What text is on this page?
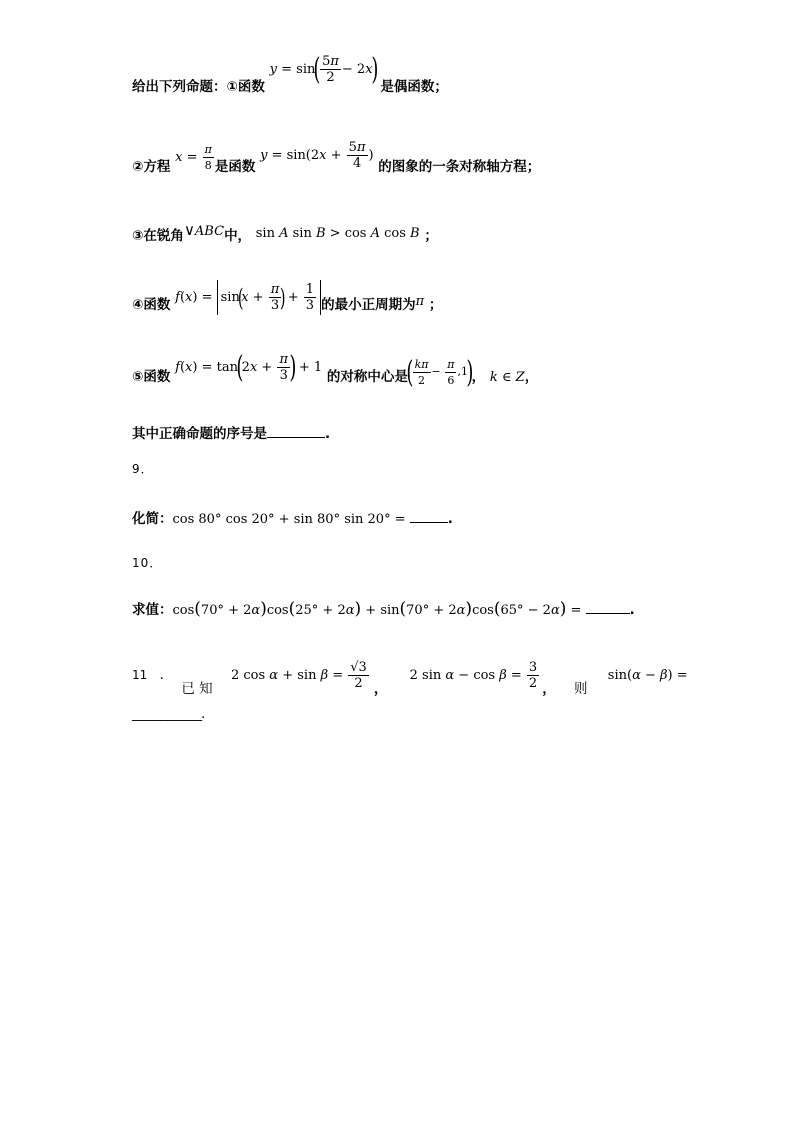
给出下列命题：①函数 $y = \sin( \frac{5\pi}{2} - 2x)$ 是偶函数；
②方程 $x = \frac{\pi}{8}$ 是函数 $y = \sin(2x + \frac{5\pi}{4}$ ) 的图象的一条对称轴方程；
③在锐角∨ABC中， sin A sin B > cos A cos B ；
④函数 $f(x) = \sin(x + \frac{\pi}{3}$
) + $\frac{1}{3}$ 的最小正周期为π ；
⑤函数 $f(x) = \tan(2x + \frac{\pi}{3}$ ) + 1 的对称中心是$^{( \frac{k\pi}{2} - \frac{\pi}{6} ,1)}$， k ∈ Z，
其中正确命题的序号是	.
9．
化简：cos 80° cos 20° + sin 80° sin 20° =	.
10．
求值：cos(70° + 2α)cos(25° + 2α) + sin(70° + 2α)cos(65° − 2α) =	.
11 ． 已 知 2 $\cos \alpha + \sin \beta = \frac{√3}{2}$ ， 2 $\sin \alpha - \cos \beta = \frac{3}{2}$ ， 则 sin(α − β) =
____________.
